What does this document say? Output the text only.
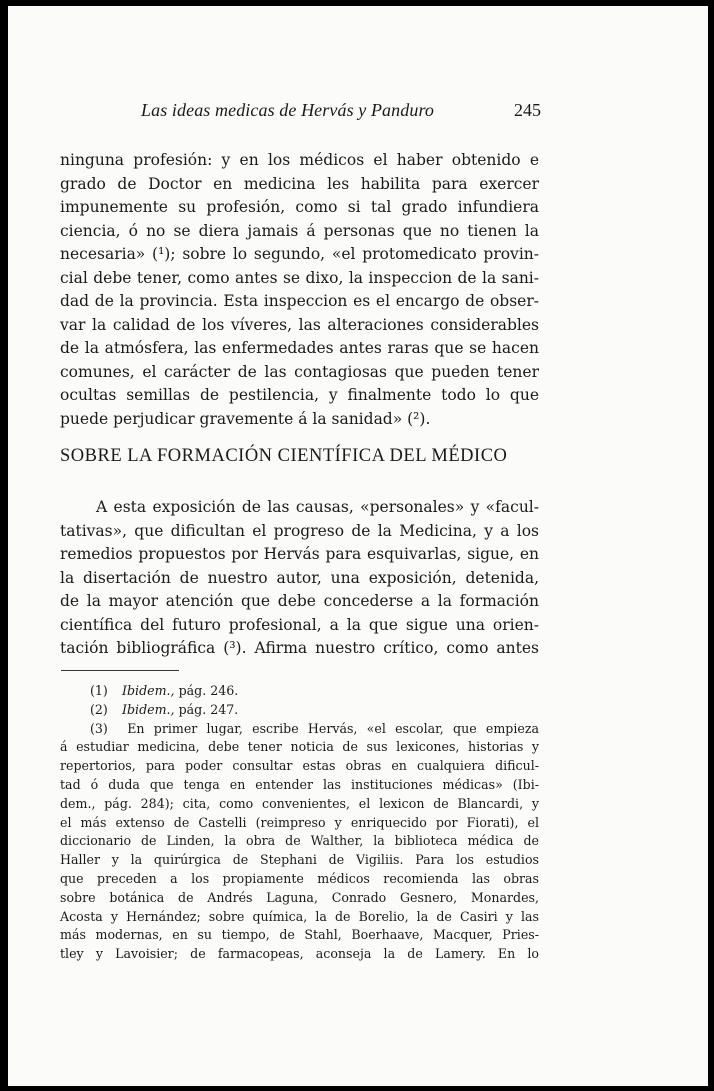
Las ideas medicas de Hervás y Panduro	245
ninguna profesión: y en los médicos el haber obtenido e
grado de Doctor en medicina les habilita para exercer
impunemente su profesión, como si tal grado infundiera
ciencia, ó no se diera jamais á personas que no tienen la
necesaria» (¹); sobre lo segundo, «el protomedicato provin-
cial debe tener, como antes se dixo, la inspeccion de la sani-
dad de la provincia. Esta inspeccion es el encargo de obser-
var la calidad de los víveres, las alteraciones considerables
de la atmósfera, las enfermedades antes raras que se hacen
comunes, el carácter de las contagiosas que pueden tener
ocultas semillas de pestilencia, y finalmente todo lo que
puede perjudicar gravemente á la sanidad» (²).
SOBRE LA FORMACIÓN CIENTÍFICA DEL MÉDICO
A esta exposición de las causas, «personales» y «facul-
tativas», que dificultan el progreso de la Medicina, y a los
remedios propuestos por Hervás para esquivarlas, sigue, en
la disertación de nuestro autor, una exposición, detenida,
de la mayor atención que debe concederse a la formación
científica del futuro profesional, a la que sigue una orien-
tación bibliográfica (³). Afirma nuestro crítico, como antes
(1) Ibidem., pág. 246.
(2) Ibidem., pág. 247.
(3) En primer lugar, escribe Hervás, «el escolar, que empieza
á estudiar medicina, debe tener noticia de sus lexicones, historias y
repertorios, para poder consultar estas obras en cualquiera dificul-
tad ó duda que tenga en entender las instituciones médicas» (Ibi-
dem., pág. 284); cita, como convenientes, el lexicon de Blancardi, y
el más extenso de Castelli (reimpreso y enriquecido por Fiorati), el
diccionario de Linden, la obra de Walther, la biblioteca médica de
Haller y la quirúrgica de Stephani de Vigiliis. Para los estudios
que preceden a los propiamente médicos recomienda las obras
sobre botánica de Andrés Laguna, Conrado Gesnero, Monardes,
Acosta y Hernández; sobre química, la de Borelio, la de Casiri y las
más modernas, en su tiempo, de Stahl, Boerhaave, Macquer, Pries-
tley y Lavoisier; de farmacopeas, aconseja la de Lamery. En lo
